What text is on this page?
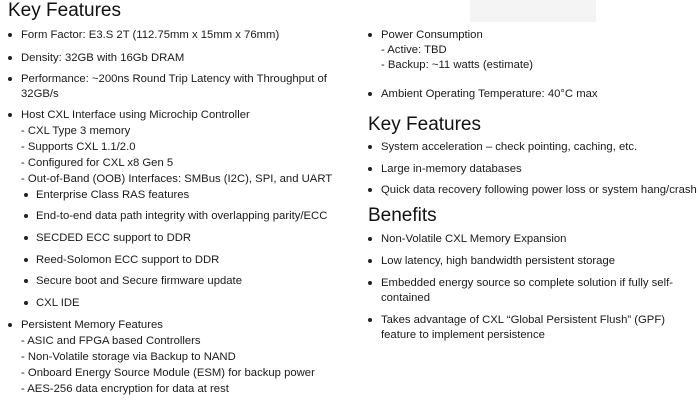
Key Features
Form Factor: E3.S 2T (112.75mm x 15mm x 76mm)
Density: 32GB with 16Gb DRAM
Performance: ~200ns Round Trip Latency with Throughput of
32GB/s
Host CXL Interface using Microchip Controller
- CXL Type 3 memory
- Supports CXL 1.1/2.0
- Configured for CXL x8 Gen 5
- Out-of-Band (OOB) Interfaces: SMBus (I2C), SPI, and UART
Enterprise Class RAS features
End-to-end data path integrity with overlapping parity/ECC
SECDED ECC support to DDR
Reed-Solomon ECC support to DDR
Secure boot and Secure firmware update
CXL IDE
Persistent Memory Features
- ASIC and FPGA based Controllers
- Non-Volatile storage via Backup to NAND
- Onboard Energy Source Module (ESM) for backup power
- AES-256 data encryption for data at rest
Power Consumption
- Active: TBD
- Backup: ~11 watts (estimate)
Ambient Operating Temperature: 40°C max
Key Features
System acceleration – check pointing, caching, etc.
Large in-memory databases
Quick data recovery following power loss or system hang/crash
Benefits
Non-Volatile CXL Memory Expansion
Low latency, high bandwidth persistent storage
Embedded energy source so complete solution if fully self-
contained
Takes advantage of CXL “Global Persistent Flush” (GPF)
feature to implement persistence
